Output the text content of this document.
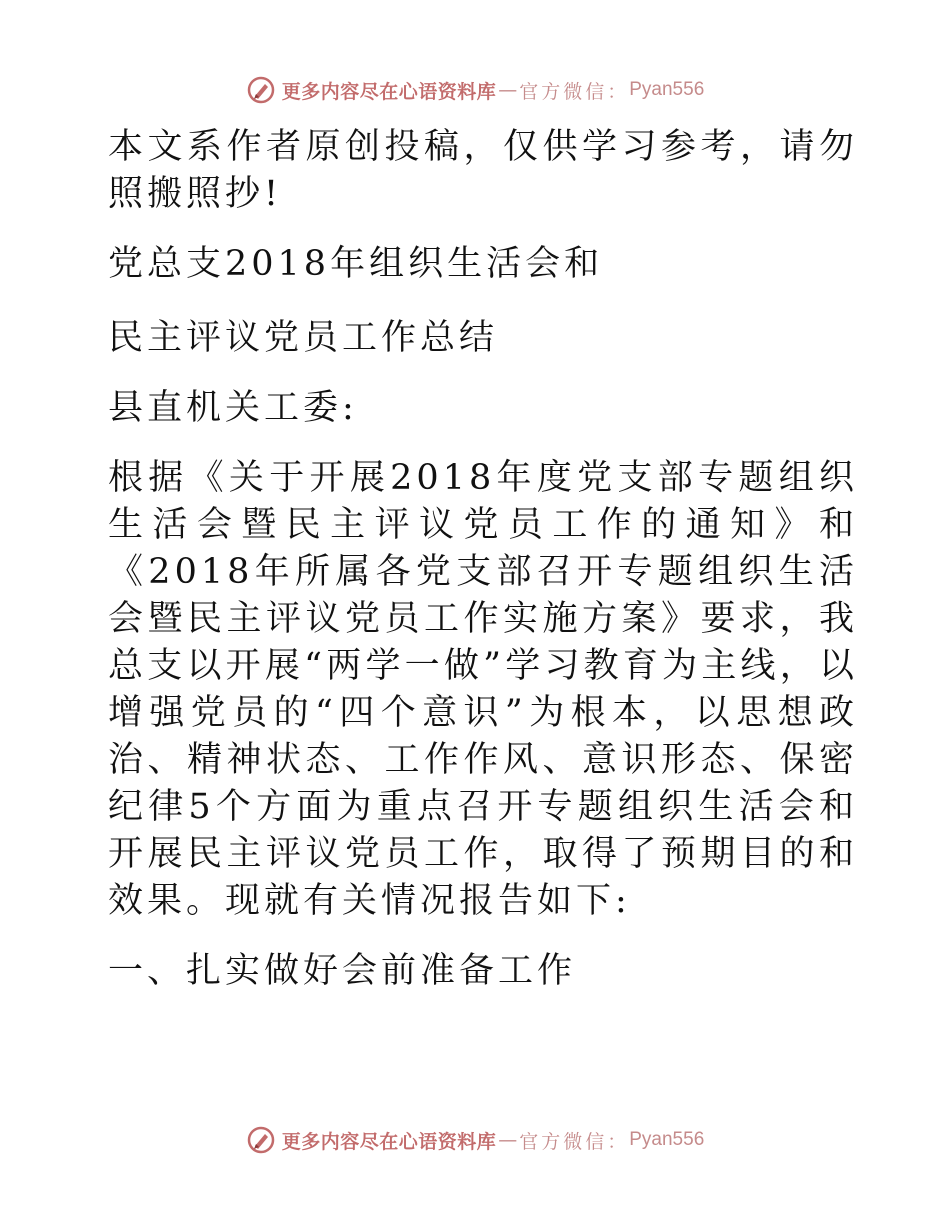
更多内容尽在心语资料库 — 官方微信： Pyan556

本文系作者原创投稿，仅供学习参考，请勿照搬照抄!

党总支2018年组织生活会和

民主评议党员工作总结

县直机关工委:

根据《关于开展2018年度党支部专题组织生活会暨民主评议党员工作的通知》和《2018年所属各党支部召开专题组织生活会暨民主评议党员工作实施方案》要求，我总支以开展“两学一做”学习教育为主线，以增强党员的“四个意识”为根本，以思想政治、精神状态、工作作风、意识形态、保密纪律5个方面为重点召开专题组织生活会和开展民主评议党员工作，取得了预期目的和效果。现就有关情况报告如下:

一、扎实做好会前准备工作

更多内容尽在心语资料库 — 官方微信： Pyan556
